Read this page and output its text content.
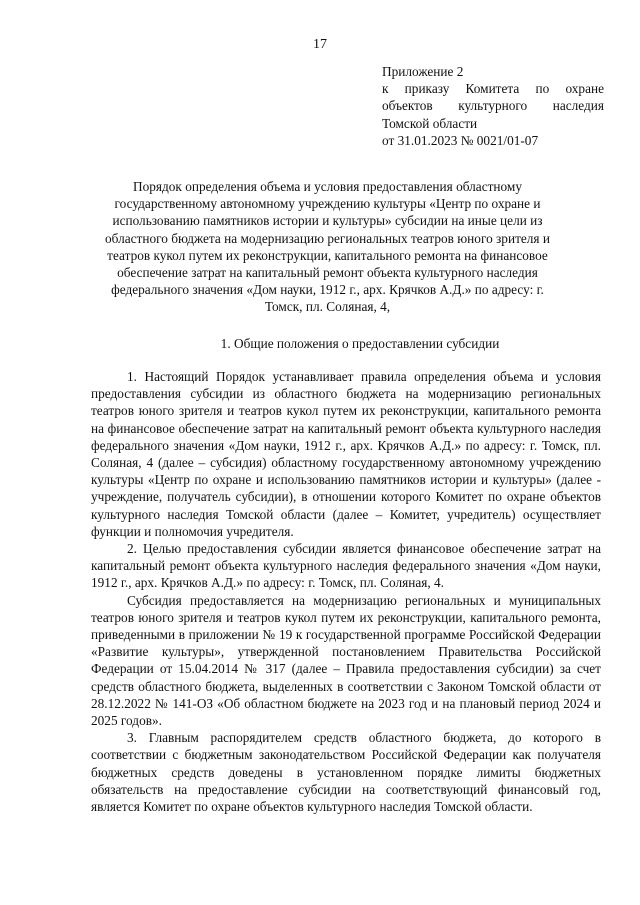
17
Приложение 2
к приказу Комитета по охране
объектов культурного наследия
Томской области
от 31.01.2023 № 0021/01-07
Порядок определения объема и условия предоставления областному государственному автономному учреждению культуры «Центр по охране и использованию памятников истории и культуры» субсидии на иные цели из областного бюджета на модернизацию региональных театров юного зрителя и театров кукол путем их реконструкции, капитального ремонта на финансовое обеспечение затрат на капитальный ремонт объекта культурного наследия федерального значения «Дом науки, 1912 г., арх. Крячков А.Д.» по адресу: г. Томск, пл. Соляная, 4,
1. Общие положения о предоставлении субсидии

1. Настоящий Порядок устанавливает правила определения объема и условия предоставления субсидии из областного бюджета на модернизацию региональных театров юного зрителя и театров кукол путем их реконструкции, капитального ремонта на финансовое обеспечение затрат на капитальный ремонт объекта культурного наследия федерального значения «Дом науки, 1912 г., арх. Крячков А.Д.» по адресу: г. Томск, пл. Соляная, 4 (далее – субсидия) областному государственному автономному учреждению культуры «Центр по охране и использованию памятников истории и культуры» (далее - учреждение, получатель субсидии), в отношении которого Комитет по охране объектов культурного наследия Томской области (далее – Комитет, учредитель) осуществляет функции и полномочия учредителя.

2. Целью предоставления субсидии является финансовое обеспечение затрат на капитальный ремонт объекта культурного наследия федерального значения «Дом науки, 1912 г., арх. Крячков А.Д.» по адресу: г. Томск, пл. Соляная, 4.

Субсидия предоставляется на модернизацию региональных и муниципальных театров юного зрителя и театров кукол путем их реконструкции, капитального ремонта, приведенными в приложении № 19 к государственной программе Российской Федерации «Развитие культуры», утвержденной постановлением Правительства Российской Федерации от 15.04.2014 № 317 (далее – Правила предоставления субсидии) за счет средств областного бюджета, выделенных в соответствии с Законом Томской области от 28.12.2022 № 141-ОЗ «Об областном бюджете на 2023 год и на плановый период 2024 и 2025 годов».

3. Главным распорядителем средств областного бюджета, до которого в соответствии с бюджетным законодательством Российской Федерации как получателя бюджетных средств доведены в установленном порядке лимиты бюджетных обязательств на предоставление субсидии на соответствующий финансовый год, является Комитет по охране объектов культурного наследия Томской области.
